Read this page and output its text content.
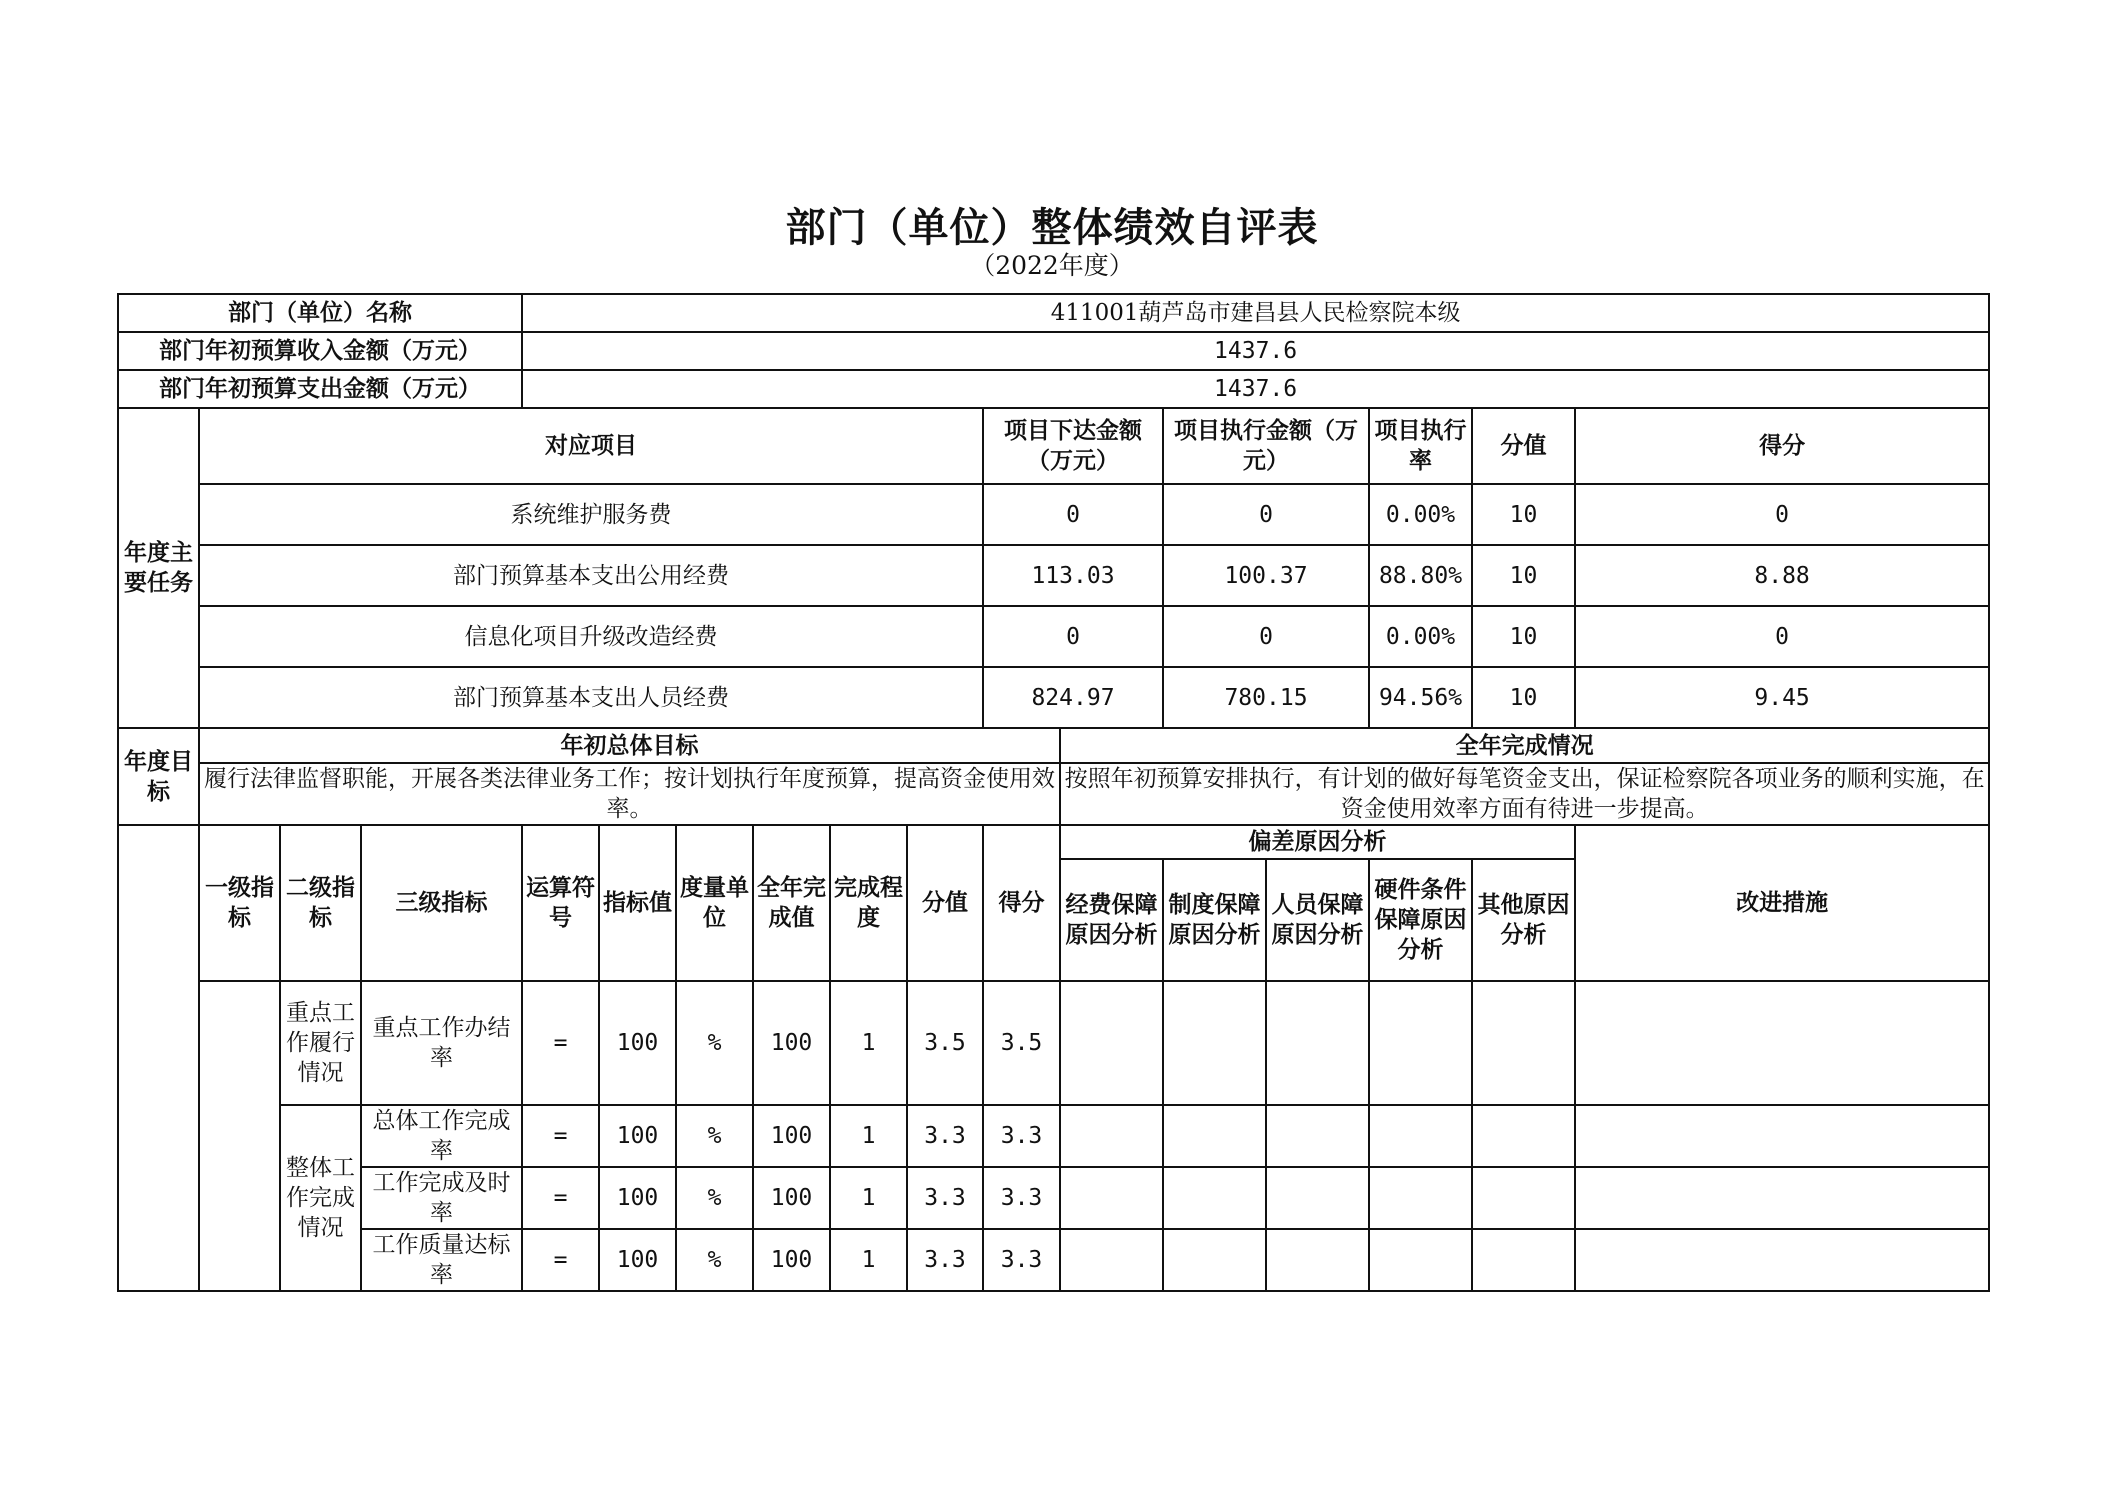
部门（单位）整体绩效自评表
（2022年度）
部门（单位）名称				411001葫芦岛市建昌县人民检察院本级												
部门年初预算收入金额（万元）				1437.6												
部门年初预算支出金额（万元）				1437.6												
年度主要任务	对应项目									项目下达金额（万元）		项目执行金额（万元）		项目执行率	分值	得分
	系统维护服务费									0		0		0.00%	10	0
	部门预算基本支出公用经费									113.03		100.37		88.80%	10	8.88
	信息化项目升级改造经费									0		0		0.00%	10	0
	部门预算基本支出人员经费									824.97		780.15		94.56%	10	9.45
年度目标	年初总体目标										全年完成情况					
	履行法律监督职能，开展各类法律业务工作；按计划执行年度预算，提高资金使用效率。										按照年初预算安排执行，有计划的做好每笔资金支出，保证检察院各项业务的顺利实施，在资金使用效率方面有待进一步提高。					
	一级指标	二级指标	三级指标	运算符号	指标值	度量单位	全年完成值	完成程度	分值	得分	偏差原因分析					改进措施
											经费保障原因分析	制度保障原因分析	人员保障原因分析	硬件条件保障原因分析	其他原因分析	
		重点工作履行情况	重点工作办结率	=	100	%	100	1	3.5	3.5						
		整体工作完成情况	总体工作完成率	=	100	%	100	1	3.3	3.3						
			工作完成及时率	=	100	%	100	1	3.3	3.3						
			工作质量达标率	=	100	%	100	1	3.3	3.3						
